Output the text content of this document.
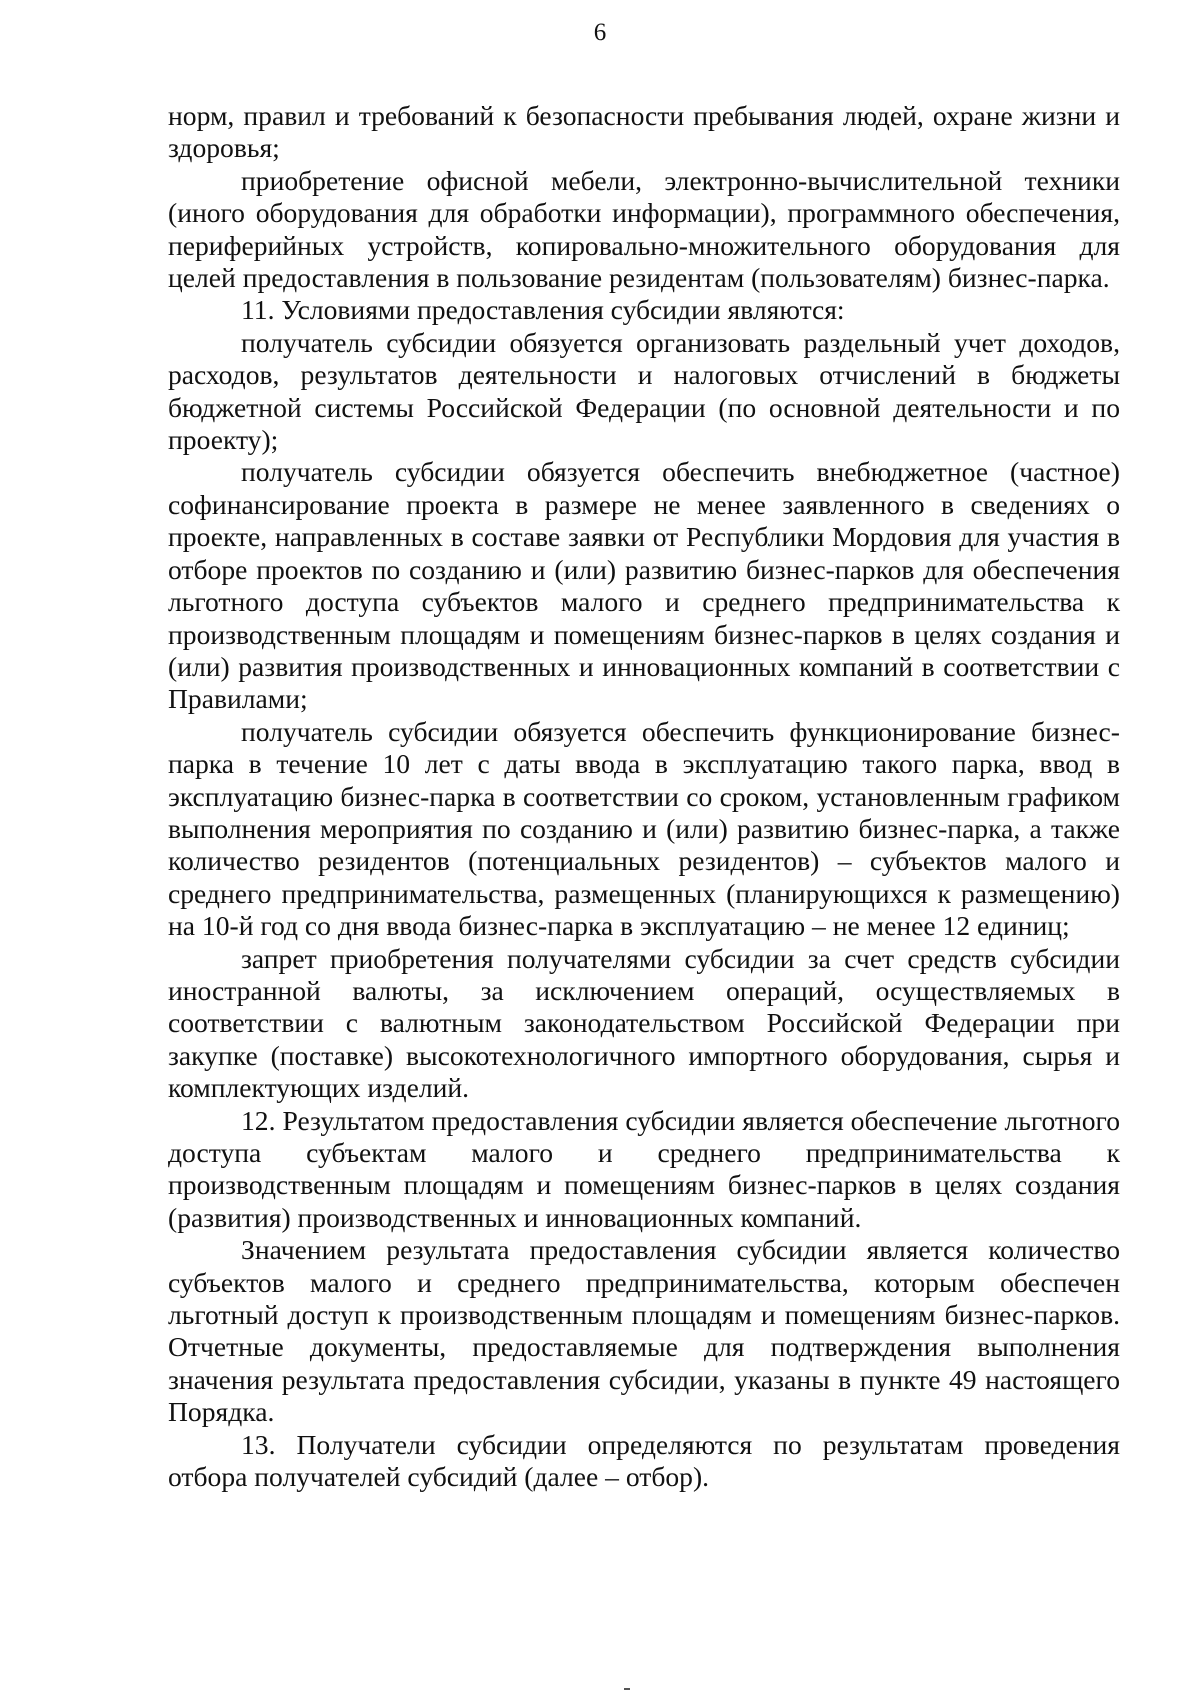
6

норм, правил и требований к безопасности пребывания людей, охране жизни и здоровья;

приобретение офисной мебели, электронно-вычислительной техники (иного оборудования для обработки информации), программного обеспечения, периферийных устройств, копировально-множительного оборудования для целей предоставления в пользование резидентам (пользователям) бизнес-парка.

11. Условиями предоставления субсидии являются:

получатель субсидии обязуется организовать раздельный учет доходов, расходов, результатов деятельности и налоговых отчислений в бюджеты бюджетной системы Российской Федерации (по основной деятельности и по проекту);

получатель субсидии обязуется обеспечить внебюджетное (частное) софинансирование проекта в размере не менее заявленного в сведениях о проекте, направленных в составе заявки от Республики Мордовия для участия в отборе проектов по созданию и (или) развитию бизнес-парков для обеспечения льготного доступа субъектов малого и среднего предпринимательства к производственным площадям и помещениям бизнес-парков в целях создания и (или) развития производственных и инновационных компаний в соответствии с Правилами;

получатель субсидии обязуется обеспечить функционирование бизнес-парка в течение 10 лет с даты ввода в эксплуатацию такого парка, ввод в эксплуатацию бизнес-парка в соответствии со сроком, установленным графиком выполнения мероприятия по созданию и (или) развитию бизнес-парка, а также количество резидентов (потенциальных резидентов) – субъектов малого и среднего предпринимательства, размещенных (планирующихся к размещению) на 10-й год со дня ввода бизнес-парка в эксплуатацию – не менее 12 единиц;

запрет приобретения получателями субсидии за счет средств субсидии иностранной валюты, за исключением операций, осуществляемых в соответствии с валютным законодательством Российской Федерации при закупке (поставке) высокотехнологичного импортного оборудования, сырья и комплектующих изделий.

12. Результатом предоставления субсидии является обеспечение льготного доступа субъектам малого и среднего предпринимательства к производственным площадям и помещениям бизнес-парков в целях создания (развития) производственных и инновационных компаний.

Значением результата предоставления субсидии является количество субъектов малого и среднего предпринимательства, которым обеспечен льготный доступ к производственным площадям и помещениям бизнес-парков. Отчетные документы, предоставляемые для подтверждения выполнения значения результата предоставления субсидии, указаны в пункте 49 настоящего Порядка.

13. Получатели субсидии определяются по результатам проведения отбора получателей субсидий (далее – отбор).
